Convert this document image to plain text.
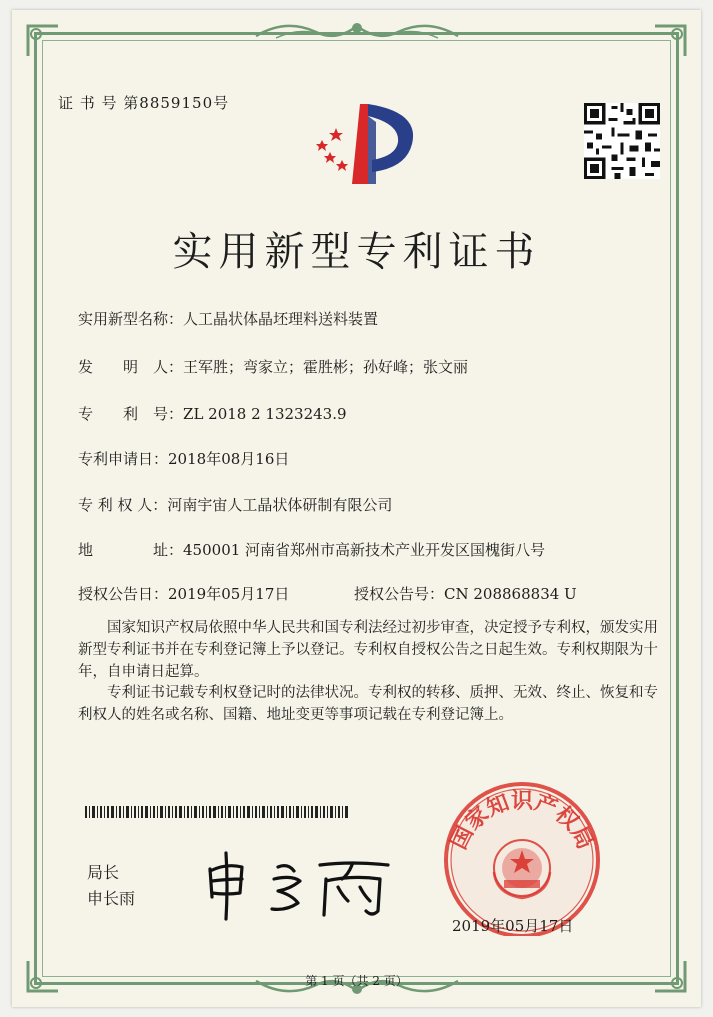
证 书 号 第8859150号
实用新型专利证书
实用新型名称：人工晶状体晶坯理料送料装置
发　　明　人：王军胜；弯家立；霍胜彬；孙好峰；张文丽
专　　利　号：ZL 2018 2 1323243.9
专利申请日：2018年08月16日
专 利 权 人：河南宇宙人工晶状体研制有限公司
地　　　　址：450001 河南省郑州市高新技术产业开发区国槐街八号
授权公告日：2019年05月17日	授权公告号：CN 208868834 U
国家知识产权局依照中华人民共和国专利法经过初步审查，决定授予专利权，颁发实用新型专利证书并在专利登记簿上予以登记。专利权自授权公告之日起生效。专利权期限为十年，自申请日起算。
专利证书记载专利权登记时的法律状况。专利权的转移、质押、无效、终止、恢复和专利权人的姓名或名称、国籍、地址变更等事项记载在专利登记簿上。
局长
申长雨
国家知识产权局
2019年05月17日
第 1 页（共 2 页）
